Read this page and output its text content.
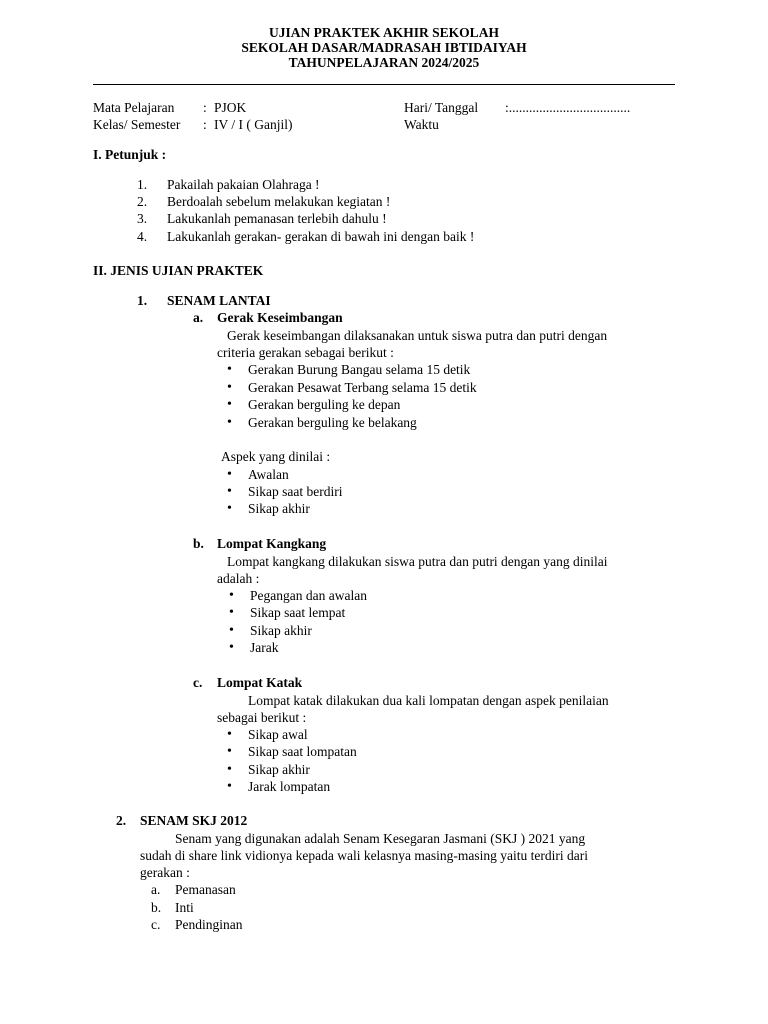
UJIAN PRAKTEK AKHIR SEKOLAH
SEKOLAH DASAR/MADRASAH IBTIDAIYAH
TAHUNPELAJARAN 2024/2025
Mata Pelajaran : PJOK
Kelas/ Semester : IV / I ( Ganjil)
Hari/ Tanggal :....................................
Waktu
I. Petunjuk :
1. Pakailah pakaian Olahraga !
2. Berdoalah sebelum melakukan kegiatan !
3. Lakukanlah pemanasan terlebih dahulu !
4. Lakukanlah gerakan- gerakan di bawah ini dengan baik !
II. JENIS UJIAN PRAKTEK
1. SENAM LANTAI
a. Gerak Keseimbangan
Gerak keseimbangan dilaksanakan untuk siswa putra dan putri dengan
criteria gerakan sebagai berikut :
• Gerakan Burung Bangau selama 15 detik
• Gerakan Pesawat Terbang selama 15 detik
• Gerakan berguling ke depan
• Gerakan berguling ke belakang
Aspek yang dinilai :
• Awalan
• Sikap saat berdiri
• Sikap akhir
b. Lompat Kangkang
Lompat kangkang dilakukan siswa putra dan putri dengan yang dinilai
adalah :
• Pegangan dan awalan
• Sikap saat lempat
• Sikap akhir
• Jarak
c. Lompat Katak
Lompat katak dilakukan dua kali lompatan dengan aspek penilaian
sebagai berikut :
• Sikap awal
• Sikap saat lompatan
• Sikap akhir
• Jarak lompatan
2. SENAM SKJ 2012
Senam yang digunakan adalah Senam Kesegaran Jasmani (SKJ ) 2021 yang
sudah di share link vidionya kepada wali kelasnya masing-masing yaitu terdiri dari
gerakan :
a. Pemanasan
b. Inti
c. Pendinginan
